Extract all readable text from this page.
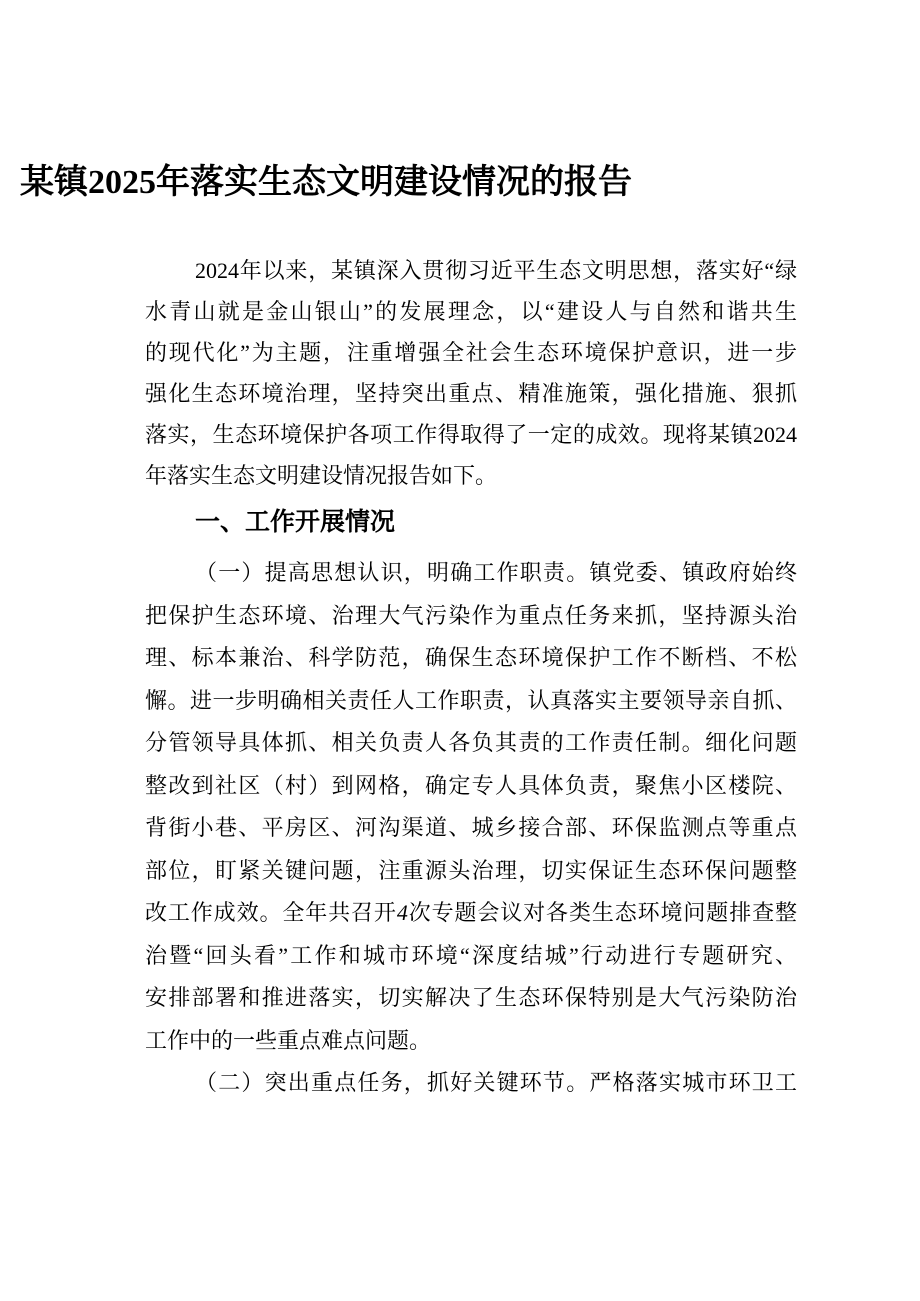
某镇2025年落实生态文明建设情况的报告
2024年以来，某镇深入贯彻习近平生态文明思想，落实好“绿
水青山就是金山银山”的发展理念，以“建设人与自然和谐共生
的现代化”为主题，注重增强全社会生态环境保护意识，进一步
强化生态环境治理，坚持突出重点、精准施策，强化措施、狠抓
落实，生态环境保护各项工作得取得了一定的成效。现将某镇2024
年落实生态文明建设情况报告如下。
一、工作开展情况
（一）提高思想认识，明确工作职责。镇党委、镇政府始终
把保护生态环境、治理大气污染作为重点任务来抓，坚持源头治
理、标本兼治、科学防范，确保生态环境保护工作不断档、不松
懈。进一步明确相关责任人工作职责，认真落实主要领导亲自抓、
分管领导具体抓、相关负责人各负其责的工作责任制。细化问题
整改到社区（村）到网格，确定专人具体负责，聚焦小区楼院、
背街小巷、平房区、河沟渠道、城乡接合部、环保监测点等重点
部位，盯紧关键问题，注重源头治理，切实保证生态环保问题整
改工作成效。全年共召开4次专题会议对各类生态环境问题排查整
治暨“回头看”工作和城市环境“深度结城”行动进行专题研究、
安排部署和推进落实，切实解决了生态环保特别是大气污染防治
工作中的一些重点难点问题。
（二）突出重点任务，抓好关键环节。严格落实城市环卫工
